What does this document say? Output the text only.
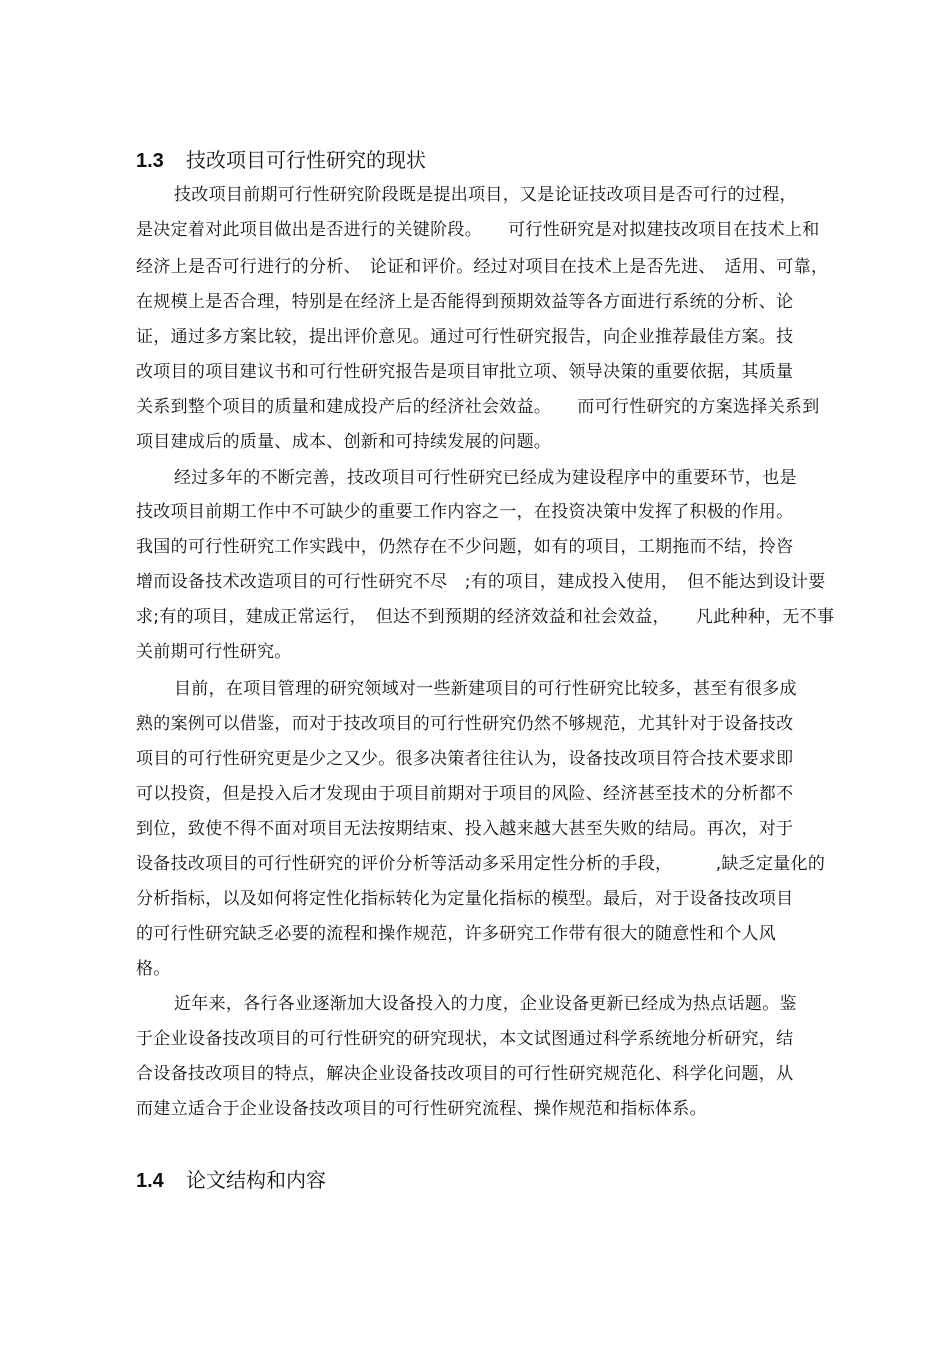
1.3 技改项目可行性研究的现状
技改项目前期可行性研究阶段既是提出项目，又是论证技改项目是否可行的过程，
是决定着对此项目做出是否进行的关键阶段。　　可行性研究是对拟建技改项目在技术上和
经济上是否可行进行的分析、　论证和评价。经过对项目在技术上是否先进、　适用、可靠，
在规模上是否合理，特别是在经济上是否能得到预期效益等各方面进行系统的分析、论
证，通过多方案比较，提出评价意见。通过可行性研究报告，向企业推荐最佳方案。技
改项目的项目建议书和可行性研究报告是项目审批立项、领导决策的重要依据，其质量
关系到整个项目的质量和建成投产后的经济社会效益。　　而可行性研究的方案选择关系到
项目建成后的质量、成本、创新和可持续发展的问题。
经过多年的不断完善，技改项目可行性研究已经成为建设程序中的重要环节，也是
技改项目前期工作中不可缺少的重要工作内容之一，在投资决策中发挥了积极的作用。
我国的可行性研究工作实践中，仍然存在不少问题，如有的项目，工期拖而不结，拎咨
增而设备技术改造项目的可行性研究不尽　;有的项目，建成投入使用，　但不能达到设计要
求;有的项目，建成正常运行，　但达不到预期的经济效益和社会效益，　　凡此种种，无不事
关前期可行性研究。
目前，在项目管理的研究领域对一些新建项目的可行性研究比较多，甚至有很多成
熟的案例可以借鉴，而对于技改项目的可行性研究仍然不够规范，尤其针对于设备技改
项目的可行性研究更是少之又少。很多决策者往往认为，设备技改项目符合技术要求即
可以投资，但是投入后才发现由于项目前期对于项目的风险、经济甚至技术的分析都不
到位，致使不得不面对项目无法按期结束、投入越来越大甚至失败的结局。再次，对于
设备技改项目的可行性研究的评价分析等活动多采用定性分析的手段，　　　,缺乏定量化的
分析指标，以及如何将定性化指标转化为定量化指标的模型。最后，对于设备技改项目
的可行性研究缺乏必要的流程和操作规范，许多研究工作带有很大的随意性和个人风
格。
近年来，各行各业逐渐加大设备投入的力度，企业设备更新已经成为热点话题。鉴
于企业设备技改项目的可行性研究的研究现状，本文试图通过科学系统地分析研究，结
合设备技改项目的特点，解决企业设备技改项目的可行性研究规范化、科学化问题，从
而建立适合于企业设备技改项目的可行性研究流程、操作规范和指标体系。
1.4 论文结构和内容
